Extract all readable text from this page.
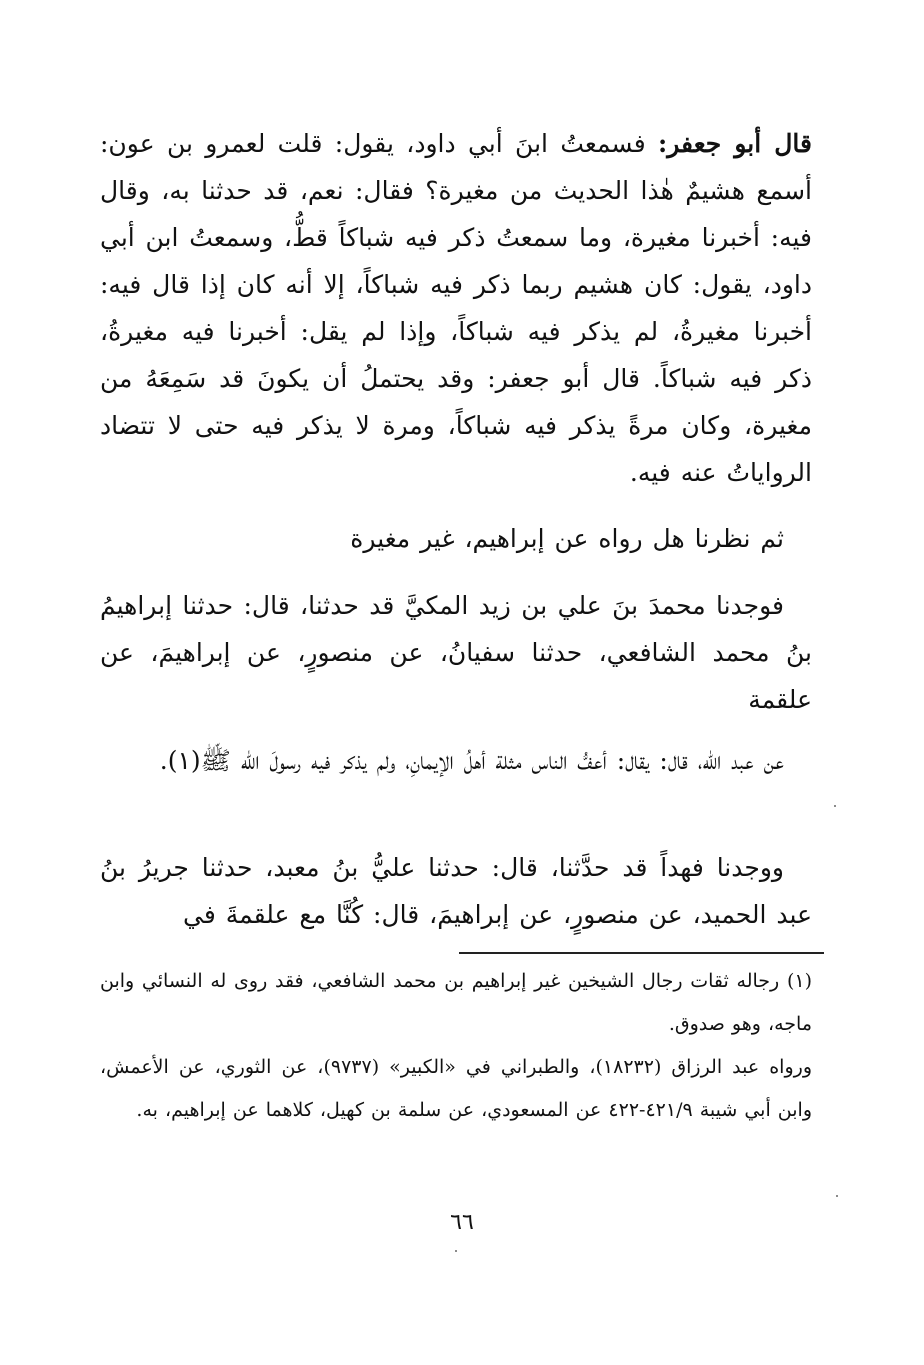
قال أبو جعفر: فسمعتُ ابنَ أبي داود، يقول: قلت لعمرو بن عون: أسمع هشيمٌ هٰذا الحديث من مغيرة؟ فقال: نعم، قد حدثنا به، وقال فيه: أخبرنا مغيرة، وما سمعتُ ذكر فيه شباكاً قطُّ، وسمعتُ ابن أبي داود، يقول: كان هشيم ربما ذكر فيه شباكاً، إلا أنه كان إذا قال فيه: أخبرنا مغيرةُ، لم يذكر فيه شباكاً، وإذا لم يقل: أخبرنا فيه مغيرةُ، ذكر فيه شباكاً. قال أبو جعفر: وقد يحتملُ أن يكونَ قد سَمِعَهُ من مغيرة، وكان مرةً يذكر فيه شباكاً، ومرة لا يذكر فيه حتى لا تتضاد الرواياتُ عنه فيه.
ثم نظرنا هل رواه عن إبراهيم، غير مغيرة
فوجدنا محمدَ بنَ علي بن زيد المكيَّ قد حدثنا، قال: حدثنا إبراهيمُ بنُ محمد الشافعي، حدثنا سفيانُ، عن منصورٍ، عن إبراهيمَ، عن علقمة
عن عبد الله، قال: يقال: أعفُّ الناس مثلة أهلُ الإيمانِ، ولم يذكر فيه رسولَ الله ﷺ(١).
ووجدنا فهداً قد حدَّثنا، قال: حدثنا عليُّ بنُ معبد، حدثنا جريرُ بنُ عبد الحميد، عن منصورٍ، عن إبراهيمَ، قال: كُنَّا مع علقمةَ في

(١) رجاله ثقات رجال الشيخين غير إبراهيم بن محمد الشافعي، فقد روى له النسائي وابن ماجه، وهو صدوق.

ورواه عبد الرزاق (١٨٢٣٢)، والطبراني في «الكبير» (٩٧٣٧)، عن الثوري، عن الأعمش، وابن أبي شيبة ٤٢١/٩-٤٢٢ عن المسعودي، عن سلمة بن كهيل، كلاهما عن إبراهيم، به.

٦٦
